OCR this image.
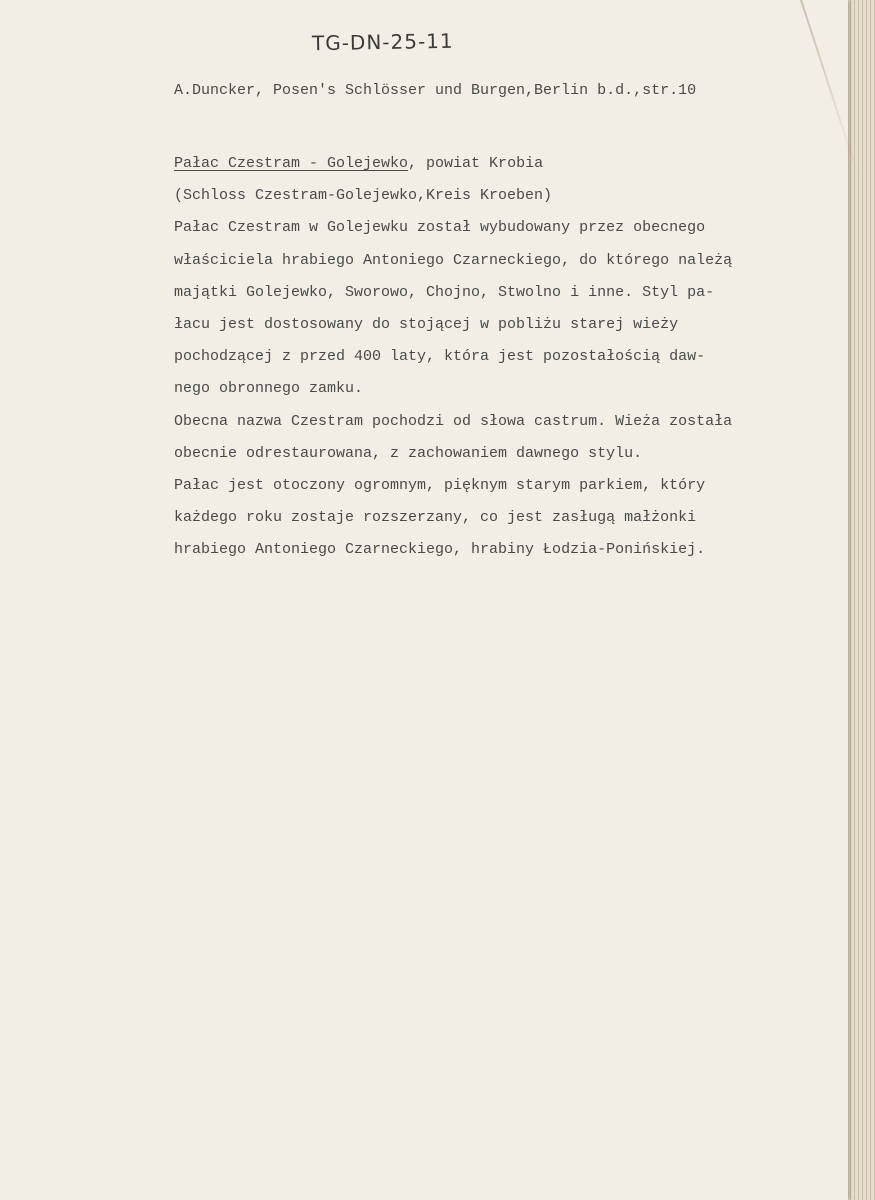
TG-DN-25-11
A.Duncker, Posen's Schlösser und Burgen,Berlin b.d.,str.10
Pałac Czestram - Golejewko, powiat Krobia
(Schloss Czestram-Golejewko,Kreis Kroeben)
Pałac Czestram w Golejewku został wybudowany przez obecnego
właściciela hrabiego Antoniego Czarneckiego, do którego należą
majątki Golejewko, Sworowo, Chojno, Stwolno i inne. Styl pa-
łacu jest dostosowany do stojącej w pobliżu starej wieży
pochodzącej z przed 400 laty, która jest pozostałością daw-
nego obronnego zamku.
Obecna nazwa Czestram pochodzi od słowa castrum. Wieża została
obecnie odrestaurowana, z zachowaniem dawnego stylu.
Pałac jest otoczony ogromnym, pięknym starym parkiem, który
każdego roku zostaje rozszerzany, co jest zasługą małżonki
hrabiego Antoniego Czarneckiego, hrabiny Łodzia-Ponińskiej.
